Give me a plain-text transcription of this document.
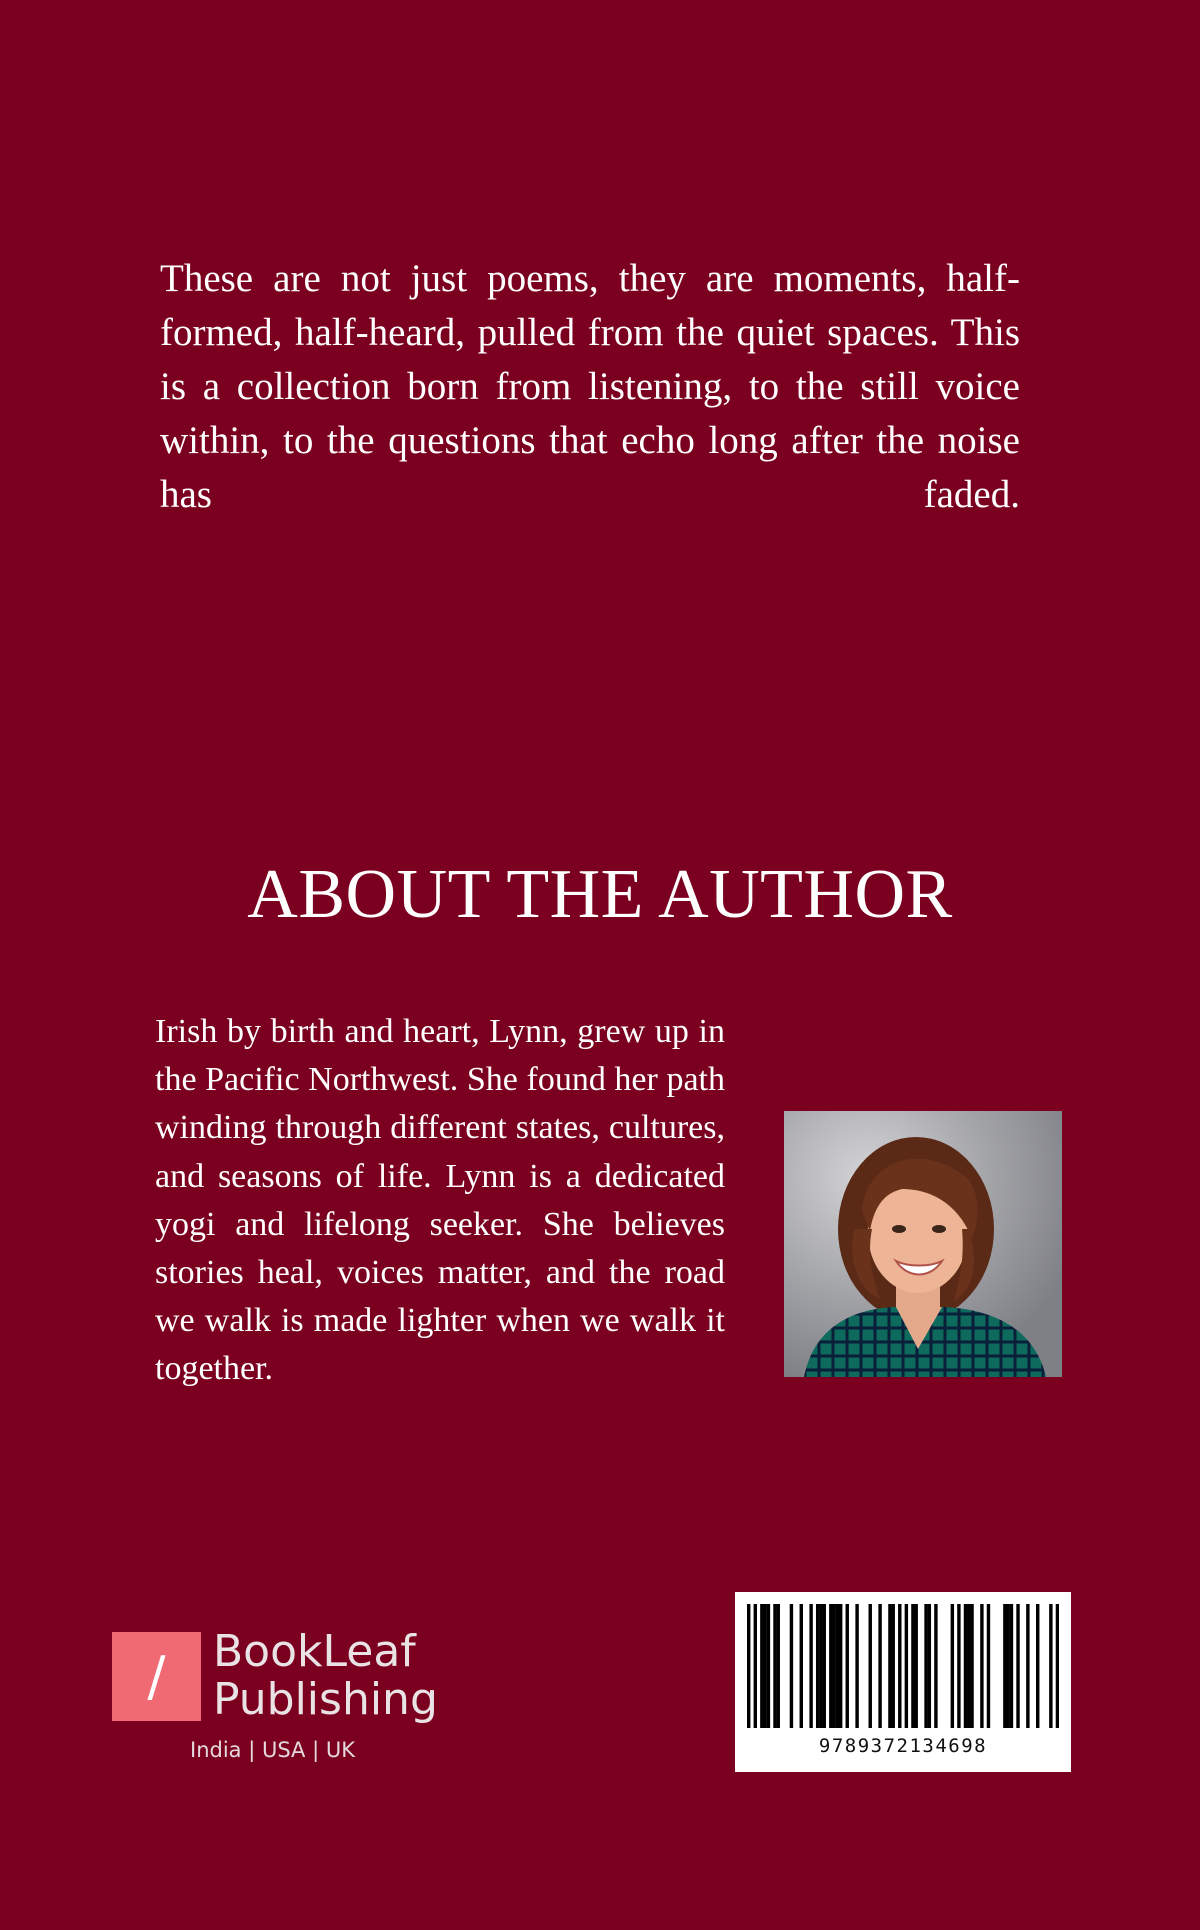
These are not just poems, they are moments, half-formed, half-heard, pulled from the quiet spaces. This is a collection born from listening, to the still voice within, to the questions that echo long after the noise has faded.

ABOUT THE AUTHOR

Irish by birth and heart, Lynn, grew up in the Pacific Northwest. She found her path winding through different states, cultures, and seasons of life. Lynn is a dedicated yogi and lifelong seeker. She believes stories heal, voices matter, and the road we walk is made lighter when we walk it together.

/	BookLeaf
Publishing
India | USA | UK	9789372134698
